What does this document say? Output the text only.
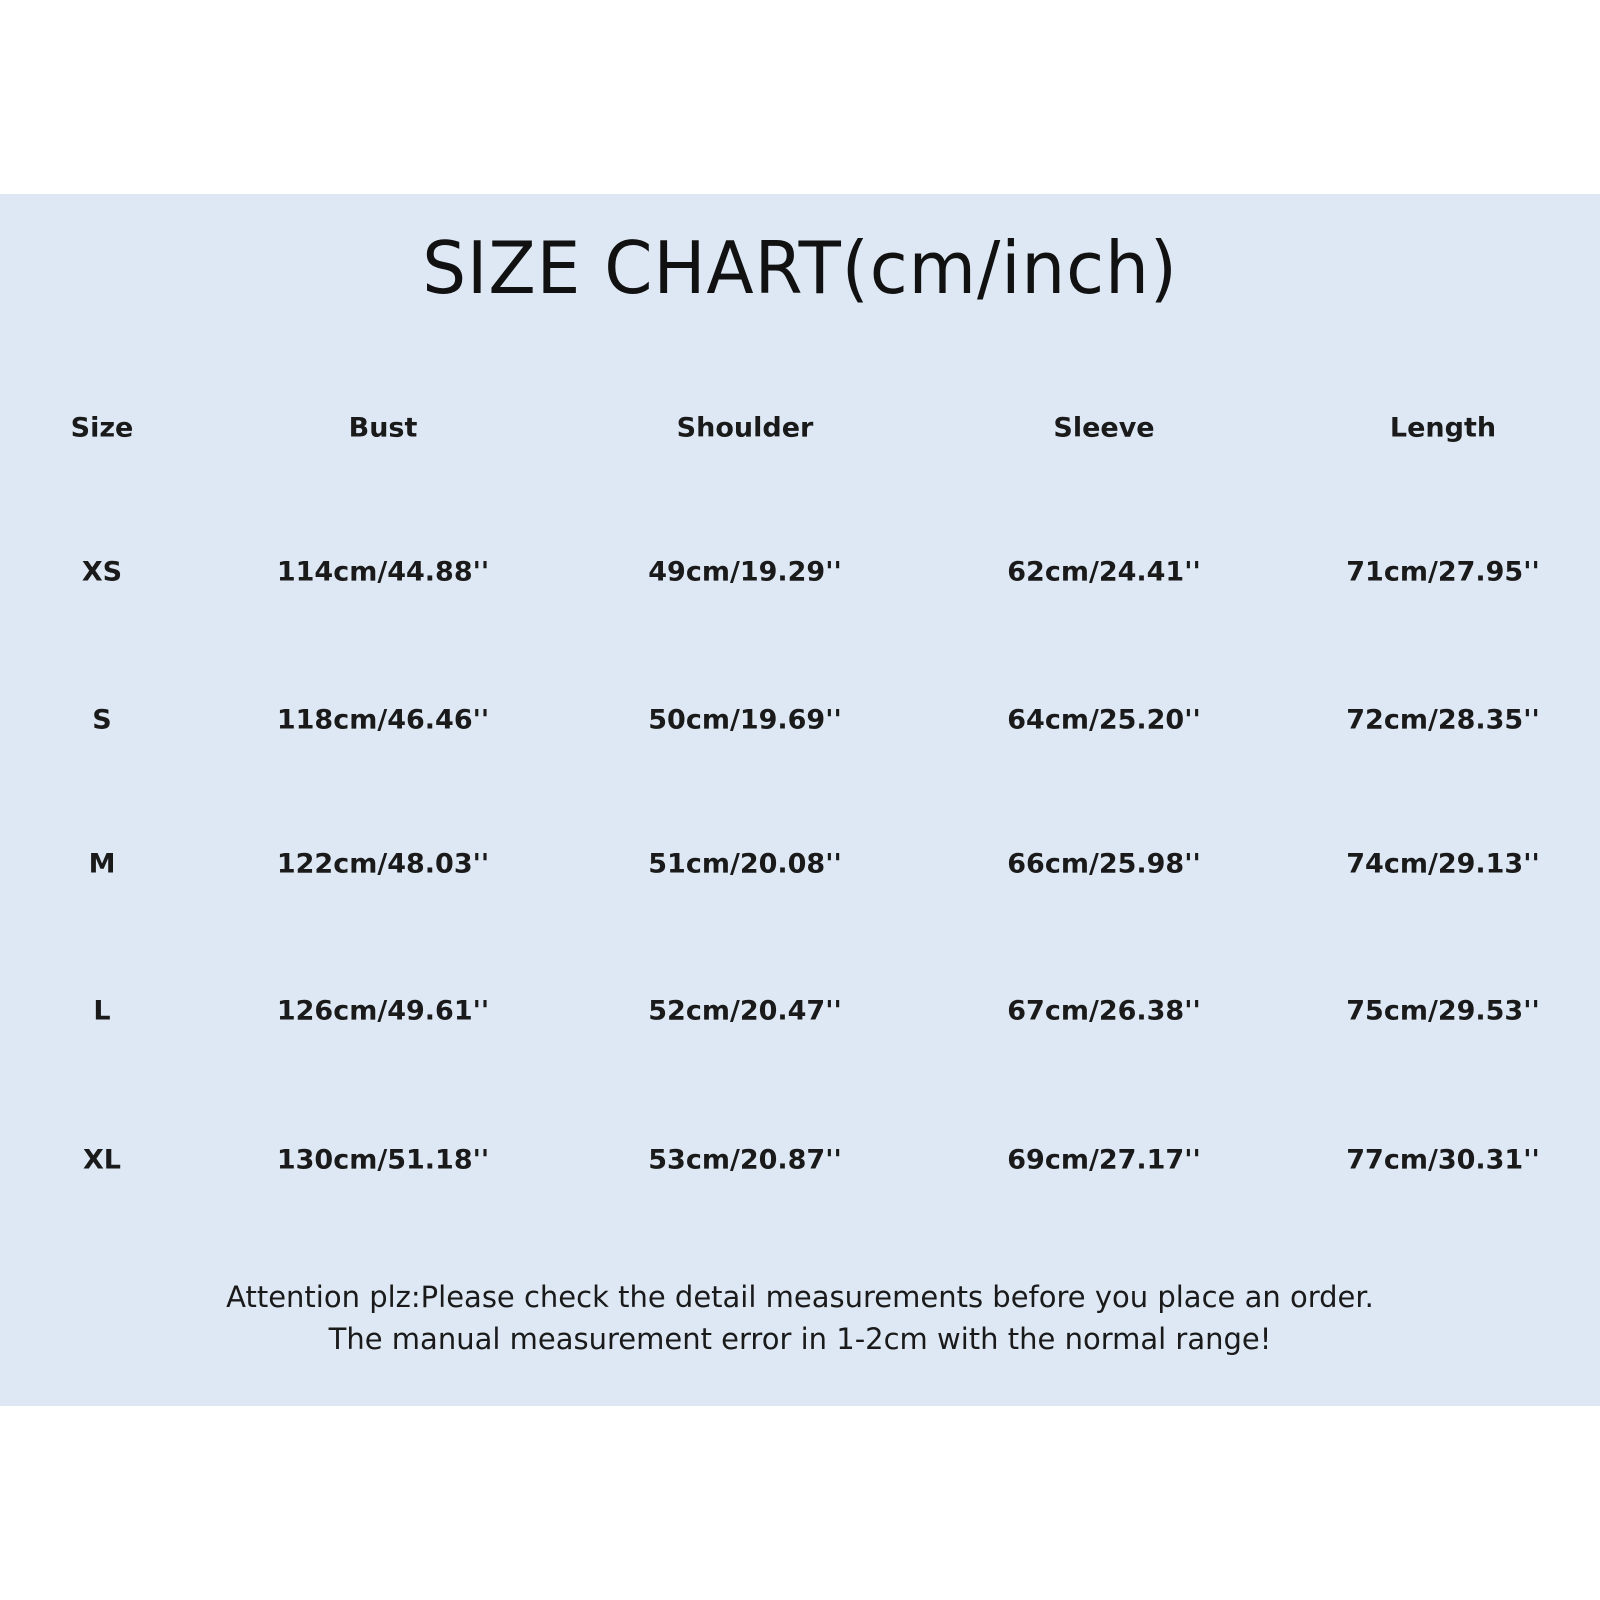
SIZE CHART(cm/inch)
Size	Bust	Shoulder	Sleeve	Length
XS	114cm/44.88''	49cm/19.29''	62cm/24.41''	71cm/27.95''
S	118cm/46.46''	50cm/19.69''	64cm/25.20''	72cm/28.35''
M	122cm/48.03''	51cm/20.08''	66cm/25.98''	74cm/29.13''
L	126cm/49.61''	52cm/20.47''	67cm/26.38''	75cm/29.53''
XL	130cm/51.18''	53cm/20.87''	69cm/27.17''	77cm/30.31''
Attention plz:Please check the detail measurements before you place an order.
The manual measurement error in 1-2cm with the normal range!
